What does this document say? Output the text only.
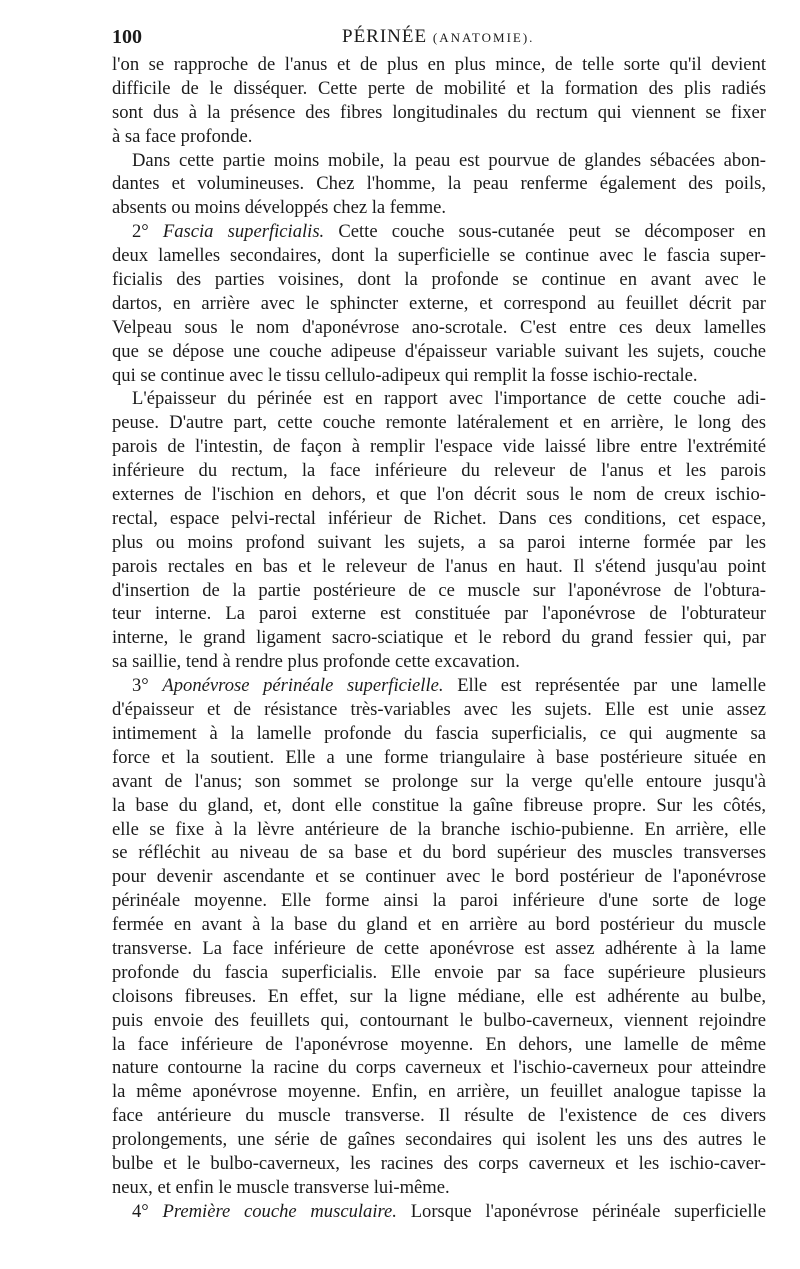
100	PÉRINÉE (ANATOMIE).
l'on se rapproche de l'anus et de plus en plus mince, de telle sorte qu'il devient
difficile de le disséquer. Cette perte de mobilité et la formation des plis radiés
sont dus à la présence des fibres longitudinales du rectum qui viennent se fixer
à sa face profonde.
Dans cette partie moins mobile, la peau est pourvue de glandes sébacées abon-
dantes et volumineuses. Chez l'homme, la peau renferme également des poils,
absents ou moins développés chez la femme.
2° Fascia superficialis. Cette couche sous-cutanée peut se décomposer en
deux lamelles secondaires, dont la superficielle se continue avec le fascia super-
ficialis des parties voisines, dont la profonde se continue en avant avec le
dartos, en arrière avec le sphincter externe, et correspond au feuillet décrit par
Velpeau sous le nom d'aponévrose ano-scrotale. C'est entre ces deux lamelles
que se dépose une couche adipeuse d'épaisseur variable suivant les sujets, couche
qui se continue avec le tissu cellulo-adipeux qui remplit la fosse ischio-rectale.
L'épaisseur du périnée est en rapport avec l'importance de cette couche adi-
peuse. D'autre part, cette couche remonte latéralement et en arrière, le long des
parois de l'intestin, de façon à remplir l'espace vide laissé libre entre l'extrémité
inférieure du rectum, la face inférieure du releveur de l'anus et les parois
externes de l'ischion en dehors, et que l'on décrit sous le nom de creux ischio-
rectal, espace pelvi-rectal inférieur de Richet. Dans ces conditions, cet espace,
plus ou moins profond suivant les sujets, a sa paroi interne formée par les
parois rectales en bas et le releveur de l'anus en haut. Il s'étend jusqu'au point
d'insertion de la partie postérieure de ce muscle sur l'aponévrose de l'obtura-
teur interne. La paroi externe est constituée par l'aponévrose de l'obturateur
interne, le grand ligament sacro-sciatique et le rebord du grand fessier qui, par
sa saillie, tend à rendre plus profonde cette excavation.
3° Aponévrose périnéale superficielle. Elle est représentée par une lamelle
d'épaisseur et de résistance très-variables avec les sujets. Elle est unie assez
intimement à la lamelle profonde du fascia superficialis, ce qui augmente sa
force et la soutient. Elle a une forme triangulaire à base postérieure située en
avant de l'anus; son sommet se prolonge sur la verge qu'elle entoure jusqu'à
la base du gland, et, dont elle constitue la gaîne fibreuse propre. Sur les côtés,
elle se fixe à la lèvre antérieure de la branche ischio-pubienne. En arrière, elle
se réfléchit au niveau de sa base et du bord supérieur des muscles transverses
pour devenir ascendante et se continuer avec le bord postérieur de l'aponévrose
périnéale moyenne. Elle forme ainsi la paroi inférieure d'une sorte de loge
fermée en avant à la base du gland et en arrière au bord postérieur du muscle
transverse. La face inférieure de cette aponévrose est assez adhérente à la lame
profonde du fascia superficialis. Elle envoie par sa face supérieure plusieurs
cloisons fibreuses. En effet, sur la ligne médiane, elle est adhérente au bulbe,
puis envoie des feuillets qui, contournant le bulbo-caverneux, viennent rejoindre
la face inférieure de l'aponévrose moyenne. En dehors, une lamelle de même
nature contourne la racine du corps caverneux et l'ischio-caverneux pour atteindre
la même aponévrose moyenne. Enfin, en arrière, un feuillet analogue tapisse la
face antérieure du muscle transverse. Il résulte de l'existence de ces divers
prolongements, une série de gaînes secondaires qui isolent les uns des autres le
bulbe et le bulbo-caverneux, les racines des corps caverneux et les ischio-caver-
neux, et enfin le muscle transverse lui-même.
4° Première couche musculaire. Lorsque l'aponévrose périnéale superficielle
